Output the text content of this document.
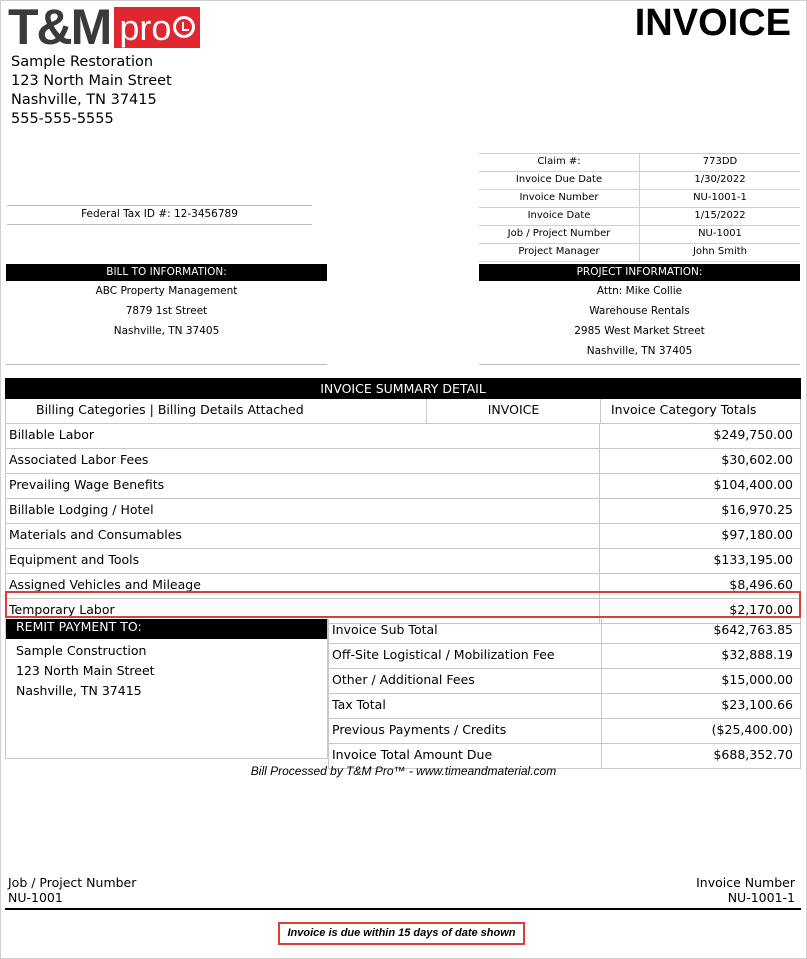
T&M pro	INVOICE
Sample Restoration
123 North Main Street
Nashville, TN 37415
555-555-5555
Federal Tax ID #: 12-3456789
Claim #:	773DD
Invoice Due Date	1/30/2022
Invoice Number	NU-1001-1
Invoice Date	1/15/2022
Job / Project Number	NU-1001
Project Manager	John Smith
BILL TO INFORMATION:
ABC Property Management
7879 1st Street
Nashville, TN 37405
PROJECT INFORMATION:
Attn: Mike Collie
Warehouse Rentals
2985 West Market Street
Nashville, TN 37405
INVOICE SUMMARY DETAIL
Billing Categories | Billing Details Attached	INVOICE	Invoice Category Totals
Billable Labor	$249,750.00
Associated Labor Fees	$30,602.00
Prevailing Wage Benefits	$104,400.00
Billable Lodging / Hotel	$16,970.25
Materials and Consumables	$97,180.00
Equipment and Tools	$133,195.00
Assigned Vehicles and Mileage	$8,496.60
Temporary Labor	$2,170.00
REMIT PAYMENT TO:
Sample Construction
123 North Main Street
Nashville, TN 37415
Invoice Sub Total	$642,763.85
Off-Site Logistical / Mobilization Fee	$32,888.19
Other / Additional Fees	$15,000.00
Tax Total	$23,100.66
Previous Payments / Credits	($25,400.00)
Invoice Total Amount Due	$688,352.70
Bill Processed by T&M Pro™ - www.timeandmaterial.com
Job / Project Number
NU-1001
Invoice Number
NU-1001-1
Invoice is due within 15 days of date shown
